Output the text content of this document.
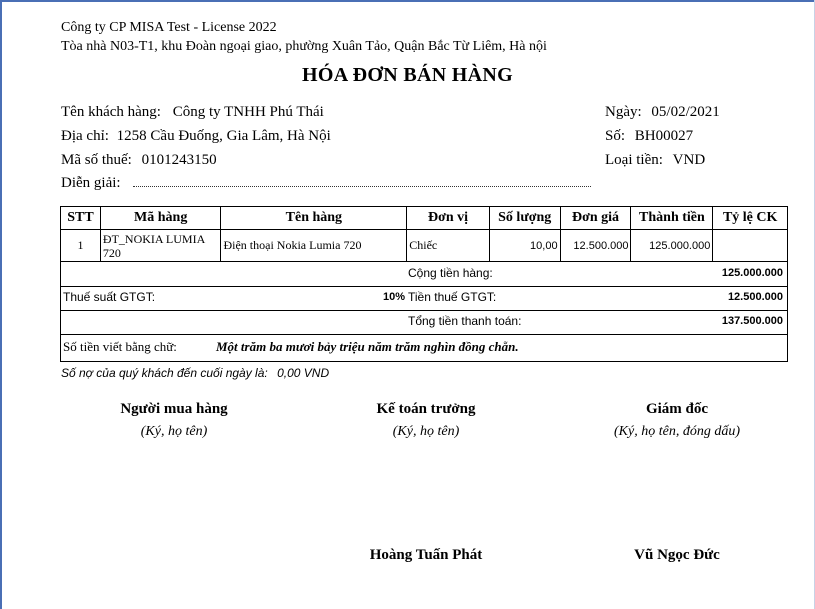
Công ty CP MISA Test - License 2022
Tòa nhà N03-T1, khu Đoàn ngoại giao, phường Xuân Tảo, Quận Bắc Từ Liêm, Hà nội
HÓA ĐƠN BÁN HÀNG
Tên khách hàng: Công ty TNHH Phú Thái
Địa chỉ: 1258 Cầu Đuống, Gia Lâm, Hà Nội
Mã số thuế: 0101243150
Diễn giải:
Ngày: 05/02/2021
Số: BH00027
Loại tiền: VND
STT	Mã hàng	Tên hàng	Đơn vị	Số lượng	Đơn giá	Thành tiền	Tỷ lệ CK
1	ĐT_NOKIA LUMIA 720	Điện thoại Nokia Lumia 720	Chiếc	10,00	12.500.000	125.000.000	
Cộng tiền hàng:	125.000.000
Thuế suất GTGT:	10% Tiền thuế GTGT:	12.500.000
Tổng tiền thanh toán:	137.500.000
Số tiền viết bằng chữ:	Một trăm ba mươi bảy triệu năm trăm nghìn đồng chẵn.
Số nợ của quý khách đến cuối ngày là: 0,00 VND
Người mua hàng
(Ký, họ tên)
Kế toán trưởng
(Ký, họ tên)
Hoàng Tuấn Phát
Giám đốc
(Ký, họ tên, đóng dấu)
Vũ Ngọc Đức
